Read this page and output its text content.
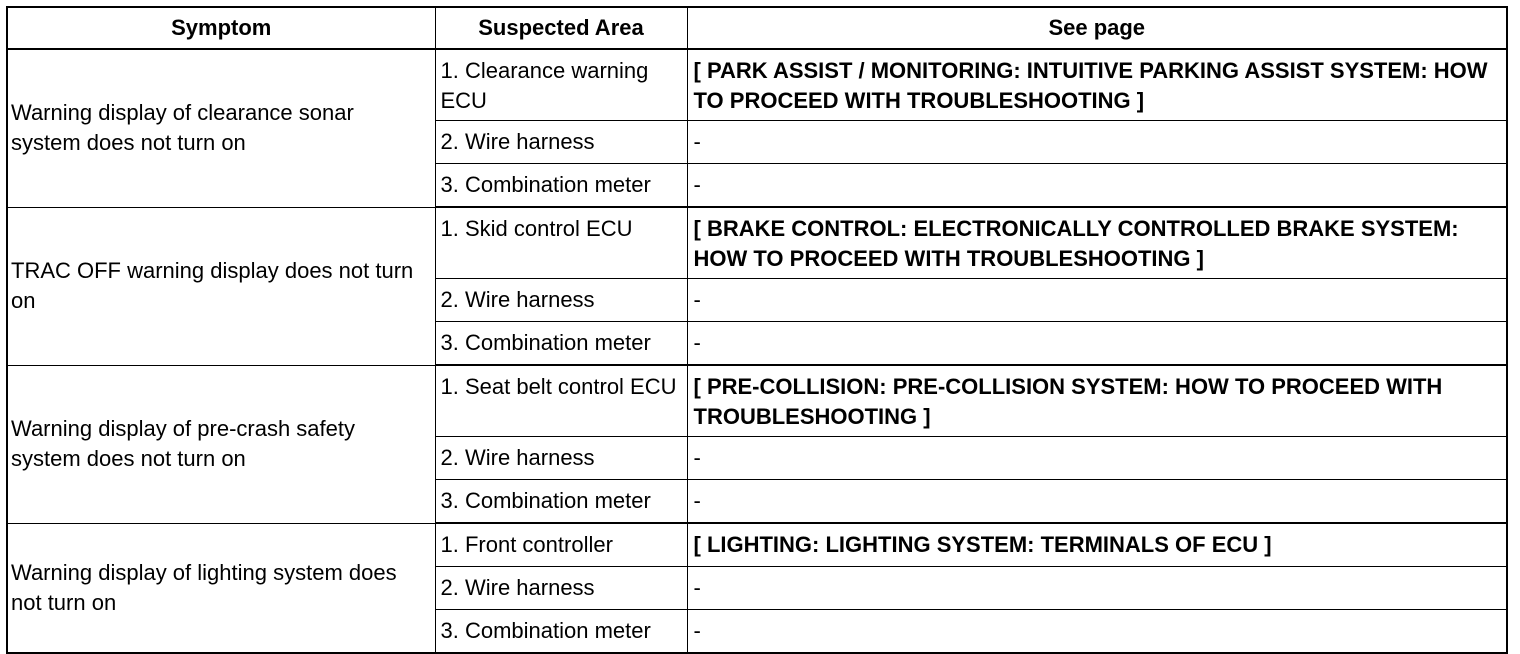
Symptom	Suspected Area	See page
Warning display of clearance sonar system does not turn on	1. Clearance warning ECU	[ PARK ASSIST / MONITORING: INTUITIVE PARKING ASSIST SYSTEM: HOW TO PROCEED WITH TROUBLESHOOTING ]
	2. Wire harness	-
	3. Combination meter	-
TRAC OFF warning display does not turn on	1. Skid control ECU	[ BRAKE CONTROL: ELECTRONICALLY CONTROLLED BRAKE SYSTEM: HOW TO PROCEED WITH TROUBLESHOOTING ]
	2. Wire harness	-
	3. Combination meter	-
Warning display of pre-crash safety system does not turn on	1. Seat belt control ECU	[ PRE-COLLISION: PRE-COLLISION SYSTEM: HOW TO PROCEED WITH TROUBLESHOOTING ]
	2. Wire harness	-
	3. Combination meter	-
Warning display of lighting system does not turn on	1. Front controller	[ LIGHTING: LIGHTING SYSTEM: TERMINALS OF ECU ]
	2. Wire harness	-
	3. Combination meter	-
